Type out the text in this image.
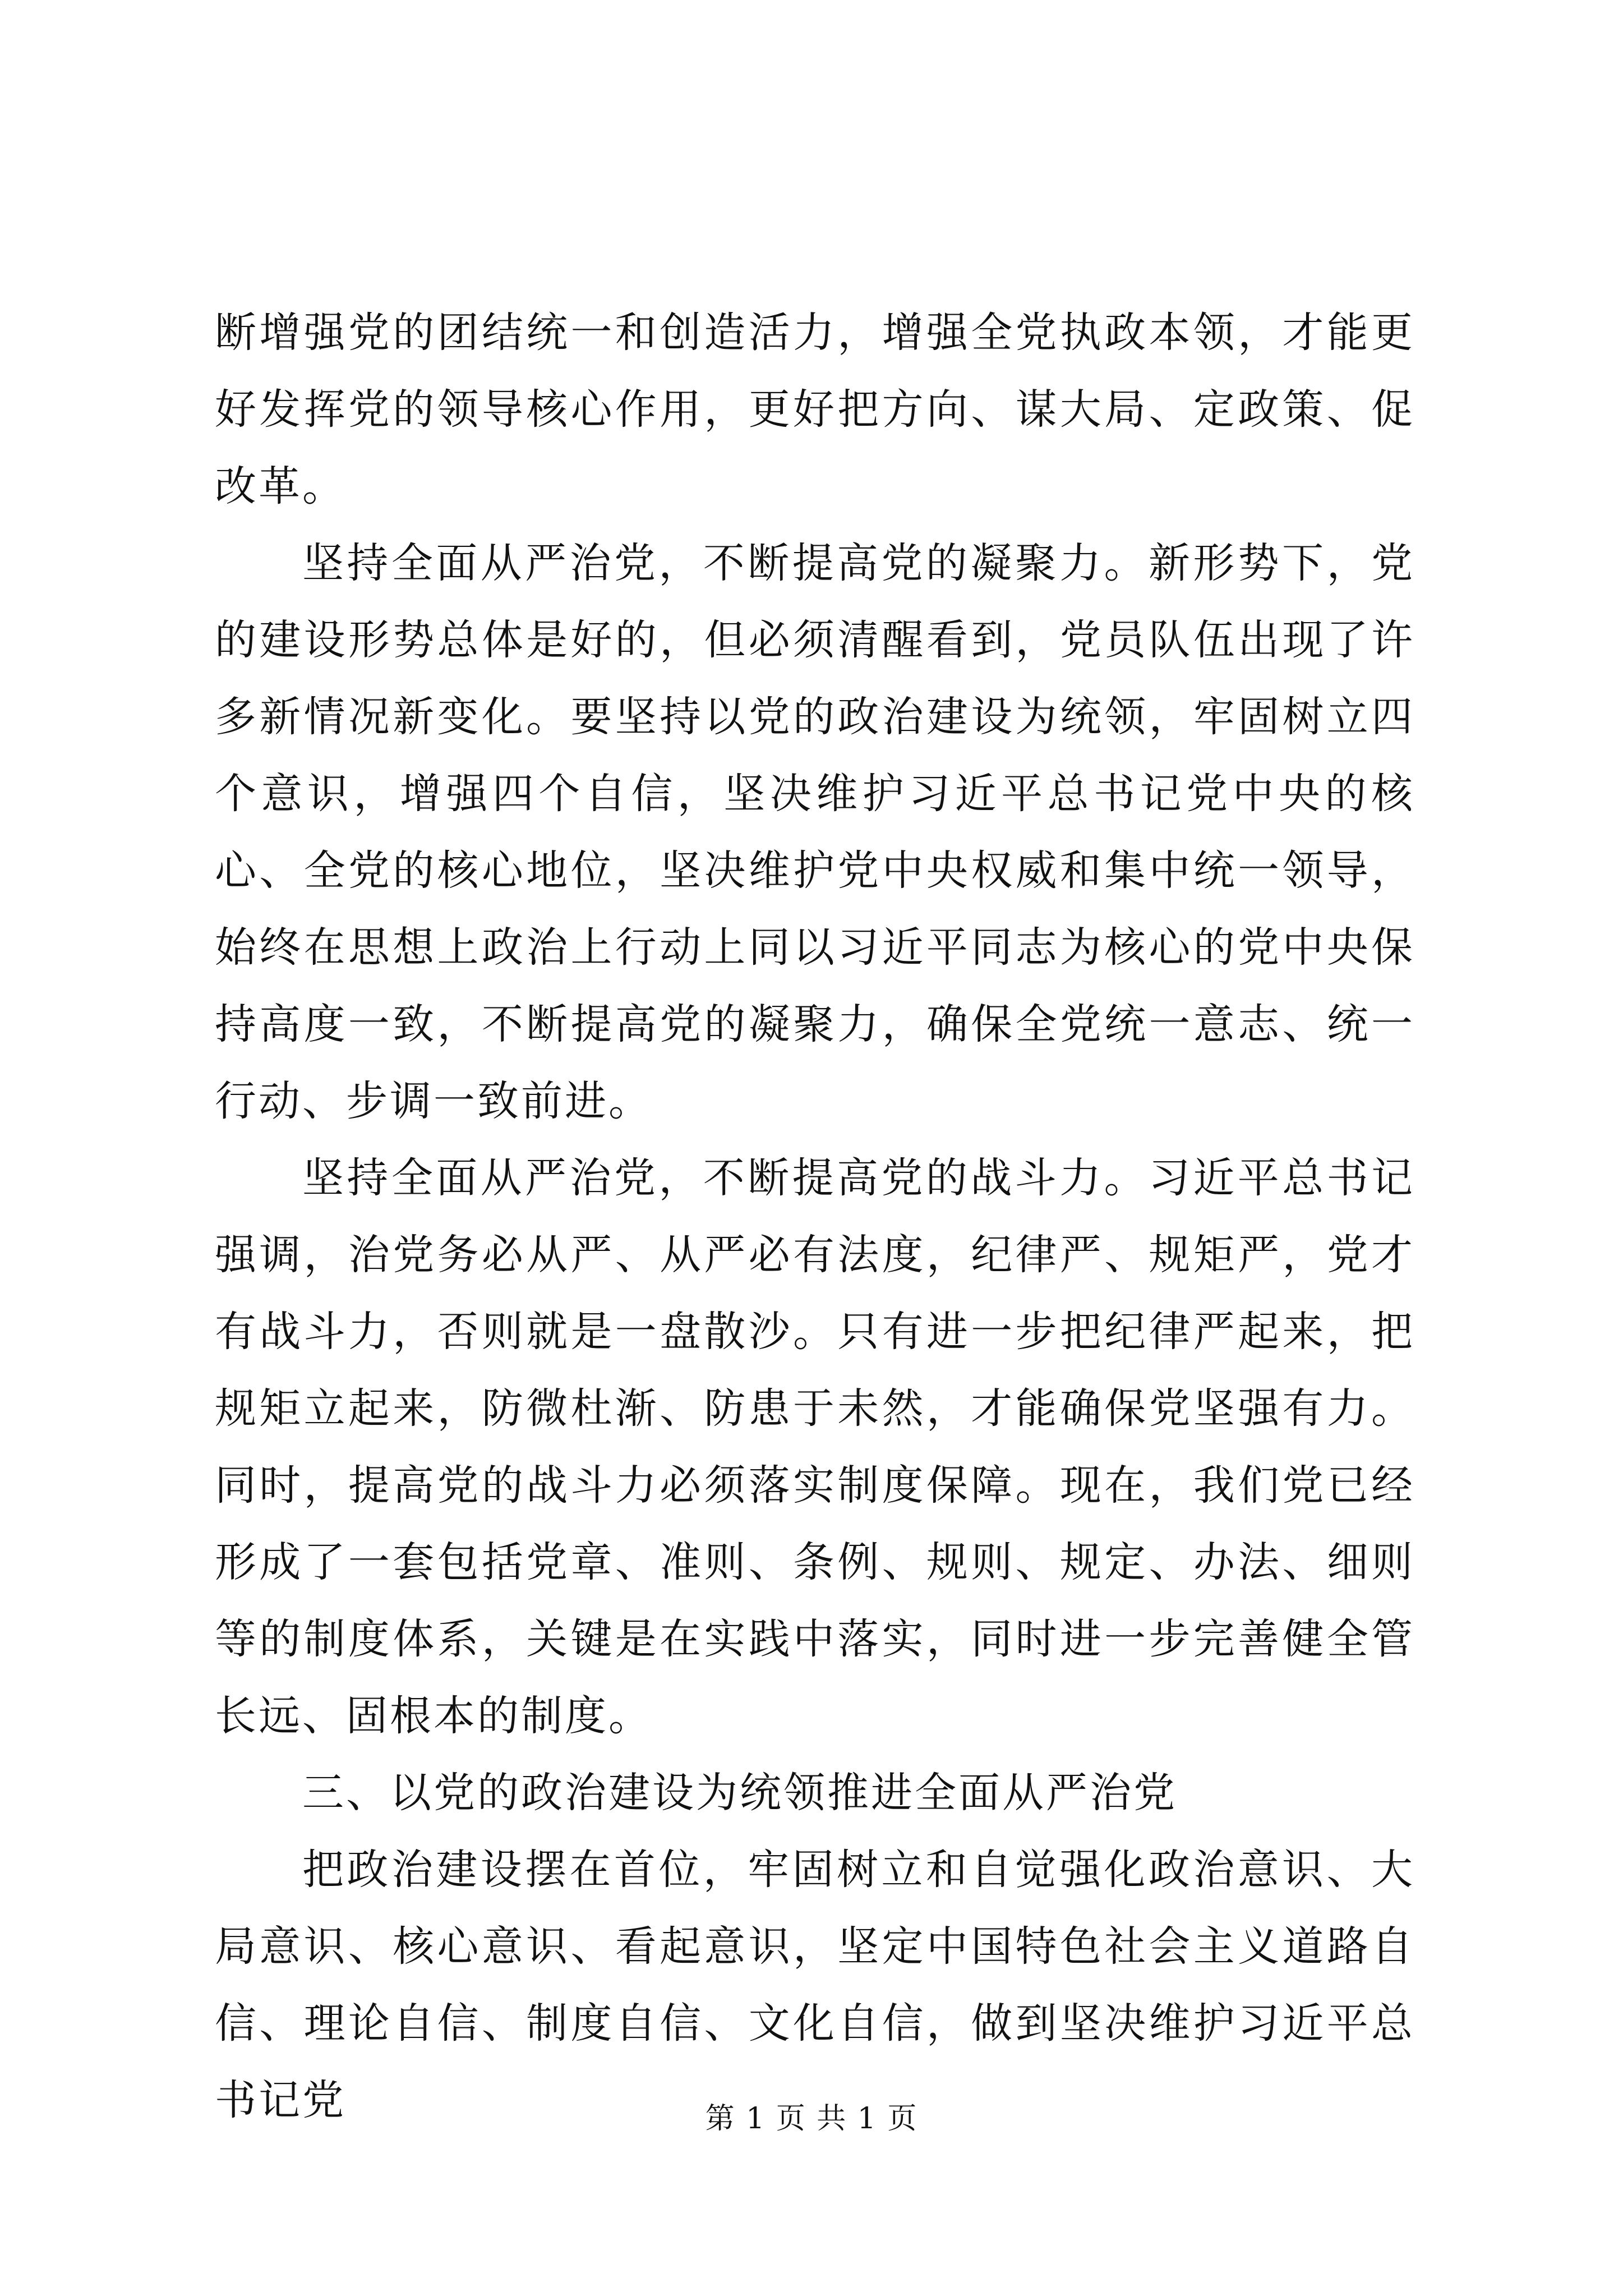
断增强党的团结统一和创造活力，增强全党执政本领，才能更好发挥党的领导核心作用，更好把方向、谋大局、定政策、促改革。

坚持全面从严治党，不断提高党的凝聚力。新形势下，党的建设形势总体是好的，但必须清醒看到，党员队伍出现了许多新情况新变化。要坚持以党的政治建设为统领，牢固树立四个意识，增强四个自信，坚决维护习近平总书记党中央的核心、全党的核心地位，坚决维护党中央权威和集中统一领导，始终在思想上政治上行动上同以习近平同志为核心的党中央保持高度一致，不断提高党的凝聚力，确保全党统一意志、统一行动、步调一致前进。

坚持全面从严治党，不断提高党的战斗力。习近平总书记强调，治党务必从严、从严必有法度，纪律严、规矩严，党才有战斗力，否则就是一盘散沙。只有进一步把纪律严起来，把规矩立起来，防微杜渐、防患于未然，才能确保党坚强有力。同时，提高党的战斗力必须落实制度保障。现在，我们党已经形成了一套包括党章、准则、条例、规则、规定、办法、细则等的制度体系，关键是在实践中落实，同时进一步完善健全管长远、固根本的制度。

三、以党的政治建设为统领推进全面从严治党

把政治建设摆在首位，牢固树立和自觉强化政治意识、大局意识、核心意识、看起意识，坚定中国特色社会主义道路自信、理论自信、制度自信、文化自信，做到坚决维护习近平总书记党	第 1 页 共 1 页
